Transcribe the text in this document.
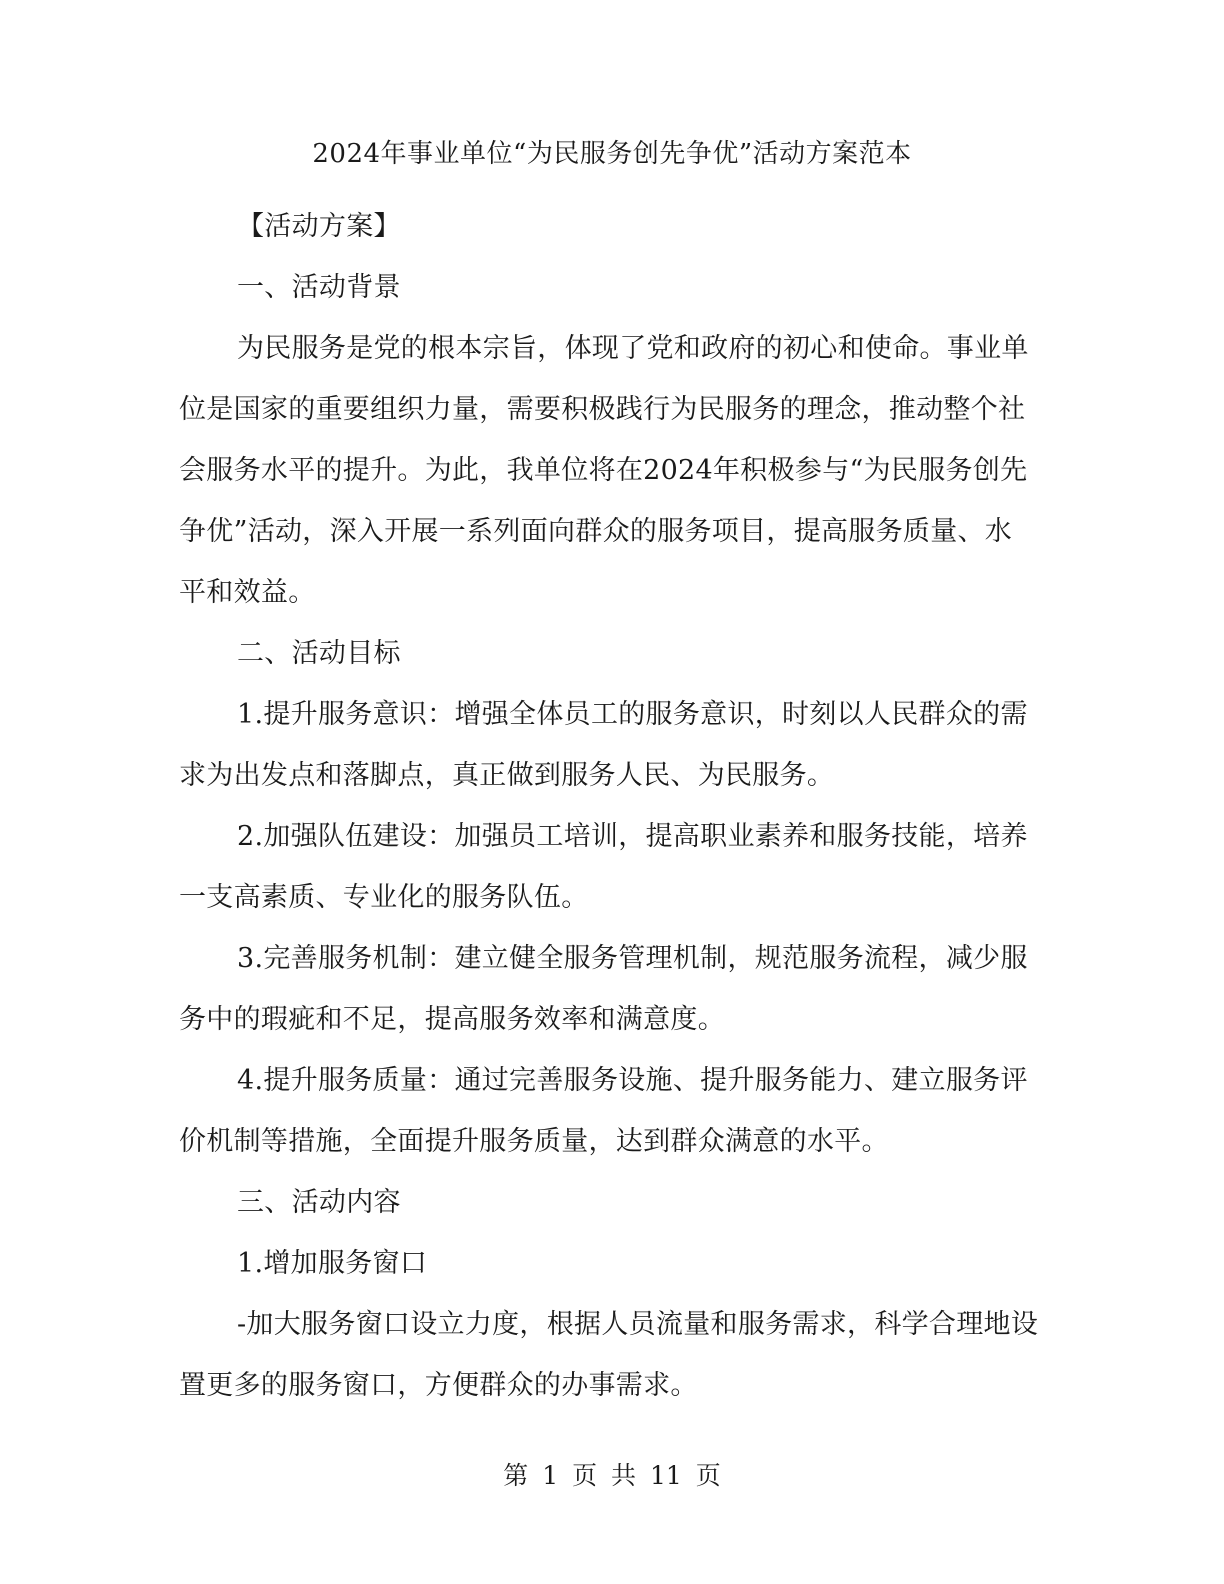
2024年事业单位“为民服务创先争优”活动方案范本

【活动方案】

一、活动背景

为民服务是党的根本宗旨，体现了党和政府的初心和使命。事业单位是国家的重要组织力量，需要积极践行为民服务的理念，推动整个社会服务水平的提升。为此，我单位将在2024年积极参与“为民服务创先争优”活动，深入开展一系列面向群众的服务项目，提高服务质量、水平和效益。

二、活动目标

1.提升服务意识：增强全体员工的服务意识，时刻以人民群众的需求为出发点和落脚点，真正做到服务人民、为民服务。

2.加强队伍建设：加强员工培训，提高职业素养和服务技能，培养一支高素质、专业化的服务队伍。

3.完善服务机制：建立健全服务管理机制，规范服务流程，减少服务中的瑕疵和不足，提高服务效率和满意度。

4.提升服务质量：通过完善服务设施、提升服务能力、建立服务评价机制等措施，全面提升服务质量，达到群众满意的水平。

三、活动内容

1.增加服务窗口

-加大服务窗口设立力度，根据人员流量和服务需求，科学合理地设置更多的服务窗口，方便群众的办事需求。

第 1 页 共 11 页
